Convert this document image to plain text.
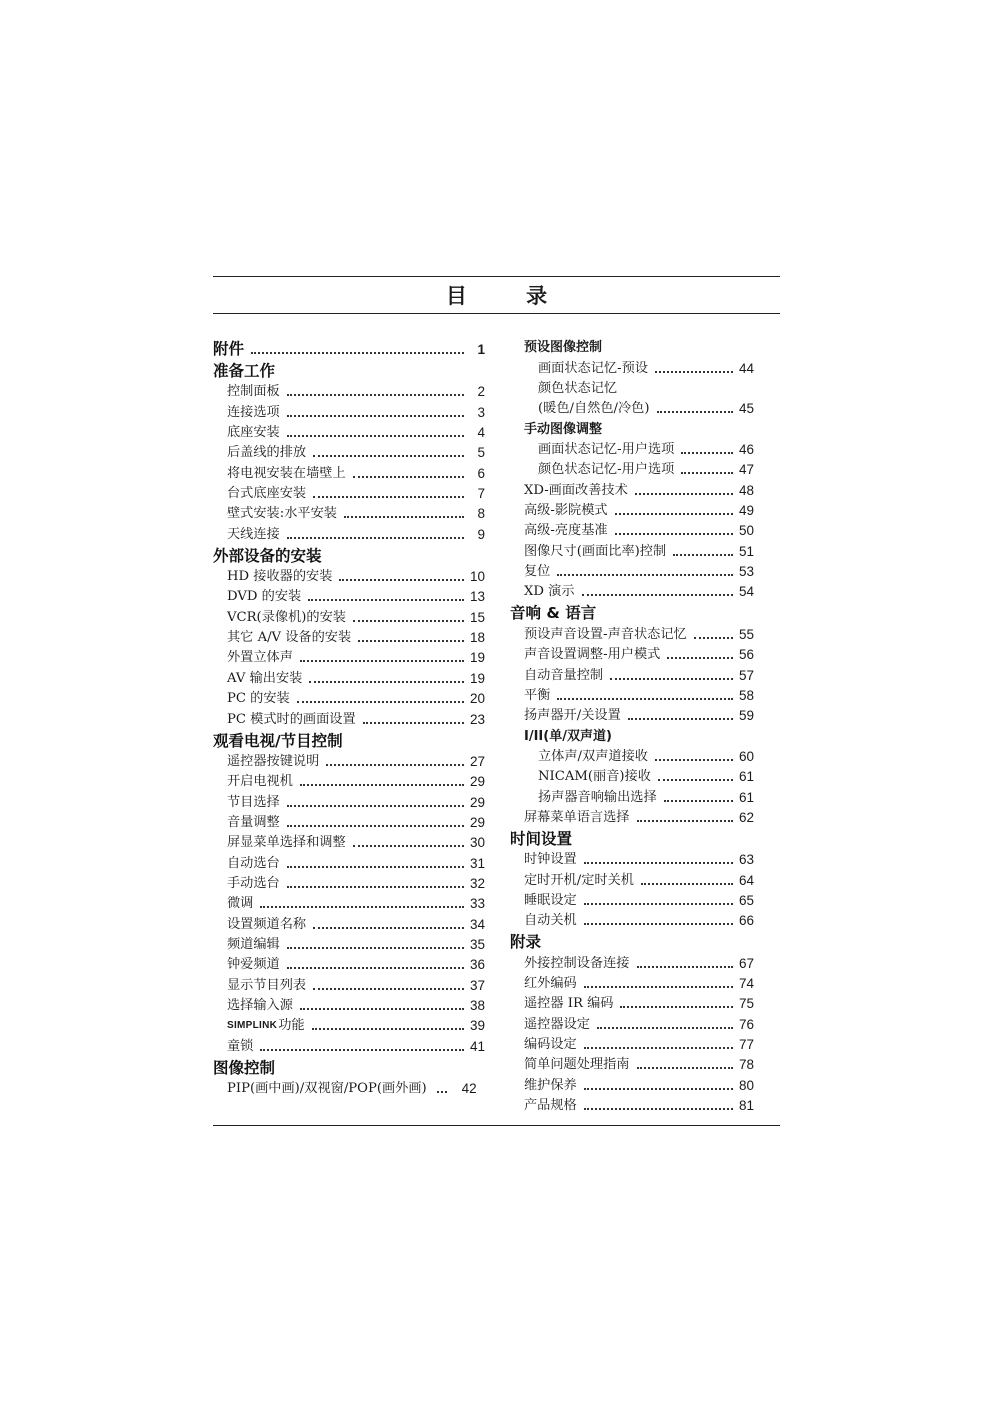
目 录
附件	1
准备工作
控制面板	2
连接选项	3
底座安装	4
后盖线的排放	5
将电视安装在墙壁上	6
台式底座安装	7
壁式安装:水平安装	8
天线连接	9
外部设备的安装
HD 接收器的安装	10
DVD 的安装	13
VCR(录像机)的安装	15
其它 A/V 设备的安装	18
外置立体声	19
AV 输出安装	19
PC 的安装	20
PC 模式时的画面设置	23
观看电视/节目控制
遥控器按键说明	27
开启电视机	29
节目选择	29
音量调整	29
屏显菜单选择和调整	30
自动选台	31
手动选台	32
微调	33
设置频道名称	34
频道编辑	35
钟爱频道	36
显示节目列表	37
选择输入源	38
SIMPLINK功能	39
童锁	41
图像控制
PIP(画中画)/双视窗/POP(画外画)	42
预设图像控制
画面状态记忆-预设	44
颜色状态记忆
(暖色/自然色/冷色)	45
手动图像调整
画面状态记忆-用户选项	46
颜色状态记忆-用户选项	47
XD-画面改善技术	48
高级-影院模式	49
高级-亮度基准	50
图像尺寸(画面比率)控制	51
复位	53
XD 演示	54
音响 & 语言
预设声音设置-声音状态记忆	55
声音设置调整-用户模式	56
自动音量控制	57
平衡	58
扬声器开/关设置	59
I/II(单/双声道)
立体声/双声道接收	60
NICAM(丽音)接收	61
扬声器音响输出选择	61
屏幕菜单语言选择	62
时间设置
时钟设置	63
定时开机/定时关机	64
睡眠设定	65
自动关机	66
附录
外接控制设备连接	67
红外编码	74
遥控器 IR 编码	75
遥控器设定	76
编码设定	77
简单问题处理指南	78
维护保养	80
产品规格	81
